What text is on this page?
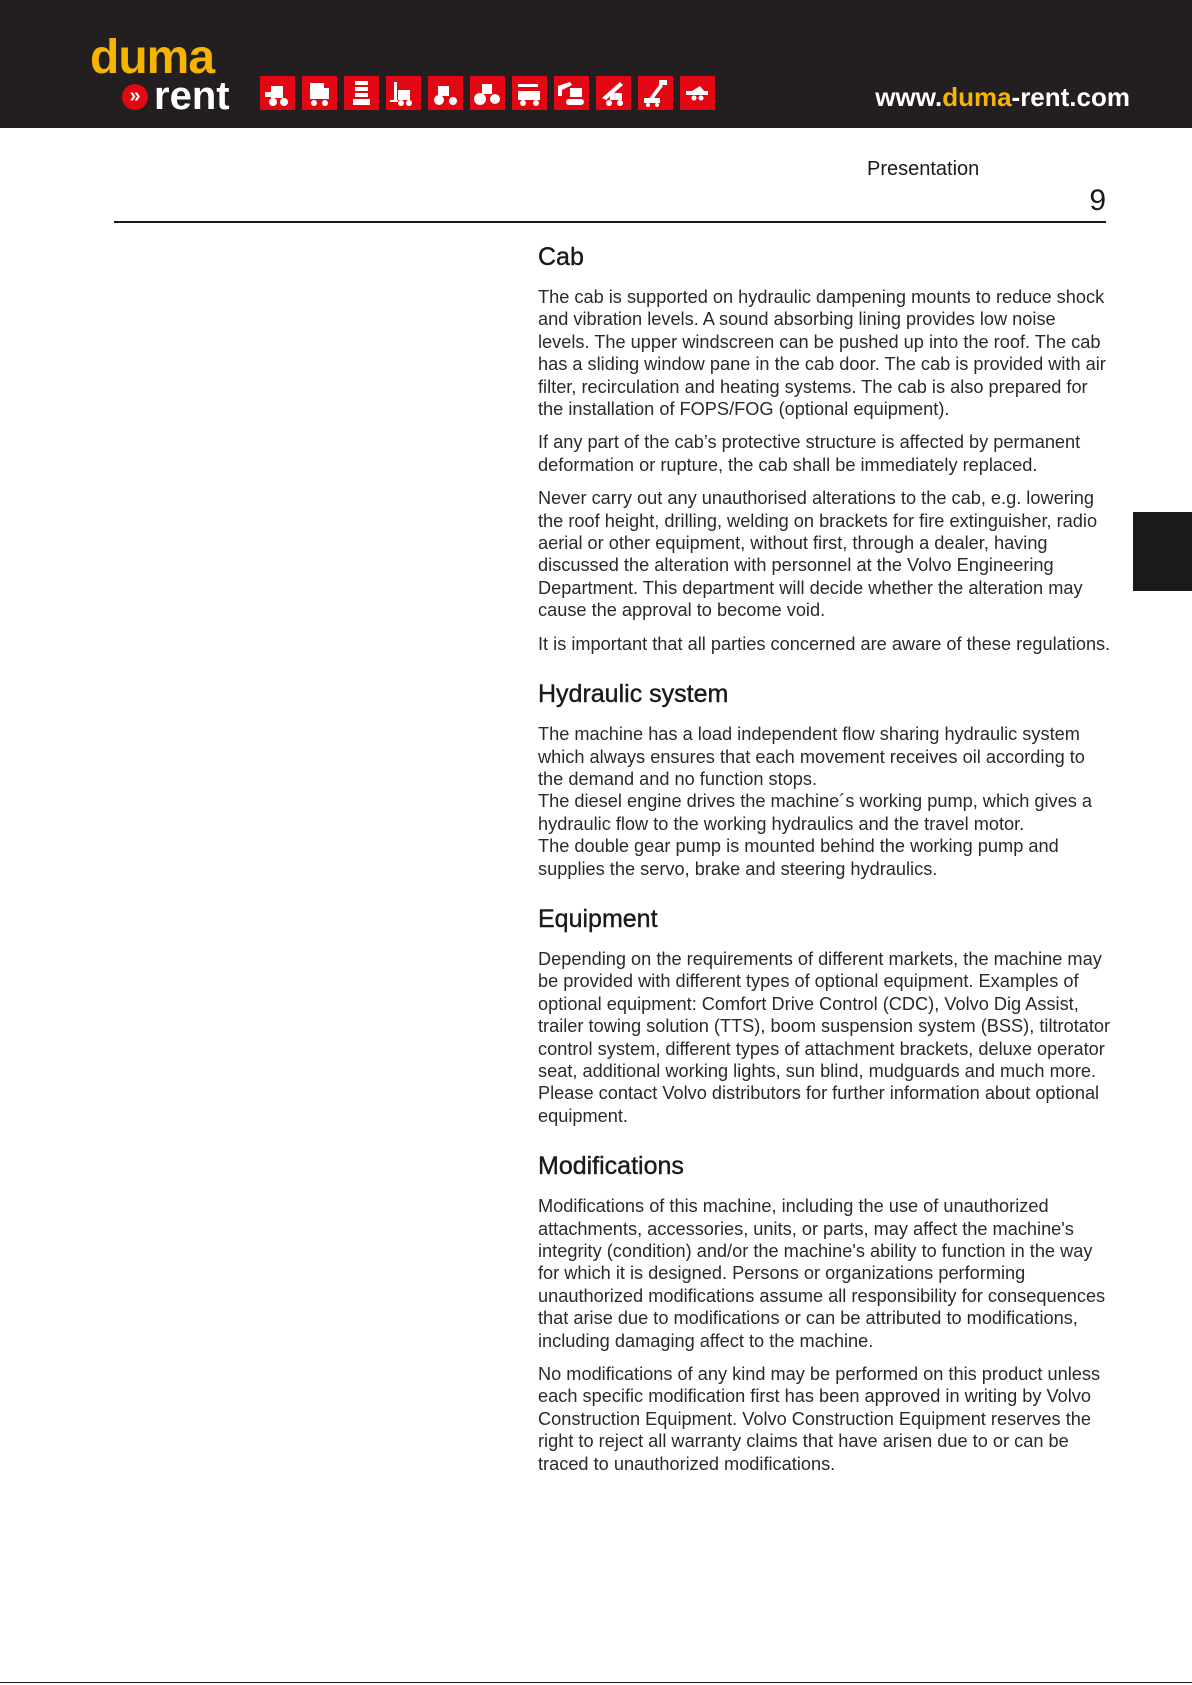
duma
» rent	www.duma-rent.com
Presentation
9
Cab

The cab is supported on hydraulic dampening mounts to reduce shock and vibration levels. A sound absorbing lining provides low noise levels. The upper windscreen can be pushed up into the roof. The cab has a sliding window pane in the cab door. The cab is provided with air filter, recirculation and heating systems. The cab is also prepared for the installation of FOPS/FOG (optional equipment).

If any part of the cab’s protective structure is affected by permanent deformation or rupture, the cab shall be immediately replaced.

Never carry out any unauthorised alterations to the cab, e.g. lowering the roof height, drilling, welding on brackets for fire extinguisher, radio aerial or other equipment, without first, through a dealer, having discussed the alteration with personnel at the Volvo Engineering Department. This department will decide whether the alteration may cause the approval to become void.

It is important that all parties concerned are aware of these regulations.

Hydraulic system

The machine has a load independent flow sharing hydraulic system which always ensures that each movement receives oil according to the demand and no function stops.

The diesel engine drives the machine´s working pump, which gives a hydraulic flow to the working hydraulics and the travel motor.

The double gear pump is mounted behind the working pump and supplies the servo, brake and steering hydraulics.

Equipment

Depending on the requirements of different markets, the machine may be provided with different types of optional equipment. Examples of optional equipment: Comfort Drive Control (CDC), Volvo Dig Assist, trailer towing solution (TTS), boom suspension system (BSS), tiltrotator control system, different types of attachment brackets, deluxe operator seat, additional working lights, sun blind, mudguards and much more. Please contact Volvo distributors for further information about optional equipment.

Modifications

Modifications of this machine, including the use of unauthorized attachments, accessories, units, or parts, may affect the machine's integrity (condition) and/or the machine's ability to function in the way for which it is designed. Persons or organizations performing unauthorized modifications assume all responsibility for consequences that arise due to modifications or can be attributed to modifications, including damaging affect to the machine.

No modifications of any kind may be performed on this product unless each specific modification first has been approved in writing by Volvo Construction Equipment. Volvo Construction Equipment reserves the right to reject all warranty claims that have arisen due to or can be traced to unauthorized modifications.
